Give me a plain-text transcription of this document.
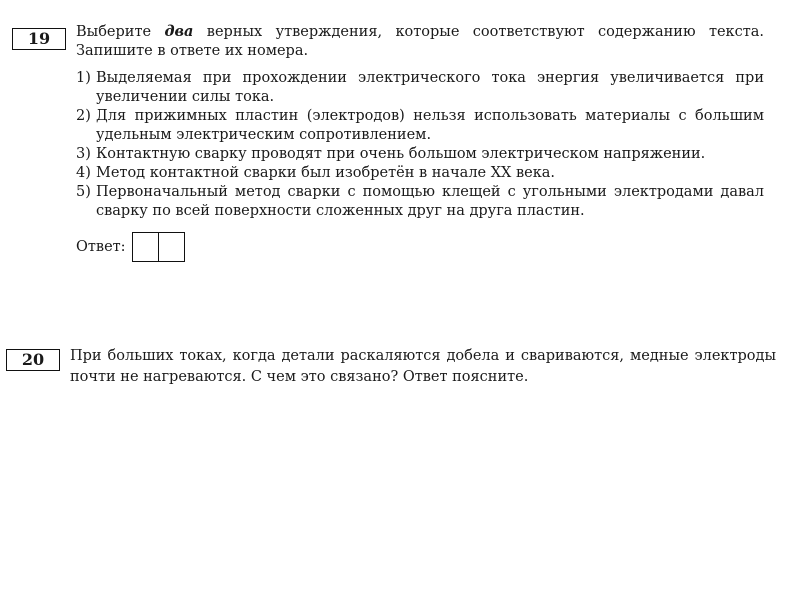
19	Выберите два верных утверждения, которые соответствуют содержанию текста. Запишите в ответе их номера.

1) Выделяемая при прохождении электрического тока энергия увеличивается при увеличении силы тока.
2) Для прижимных пластин (электродов) нельзя использовать материалы с большим удельным электрическим сопротивлением.
3) Контактную сварку проводят при очень большом электрическом напряжении.
4) Метод контактной сварки был изобретён в начале XX века.
5) Первоначальный метод сварки с помощью клещей с угольными электродами давал сварку по всей поверхности сложенных друг на друга пластин.
Ответ:
20	При больших токах, когда детали раскаляются добела и свариваются, медные электроды почти не нагреваются. С чем это связано? Ответ поясните.
